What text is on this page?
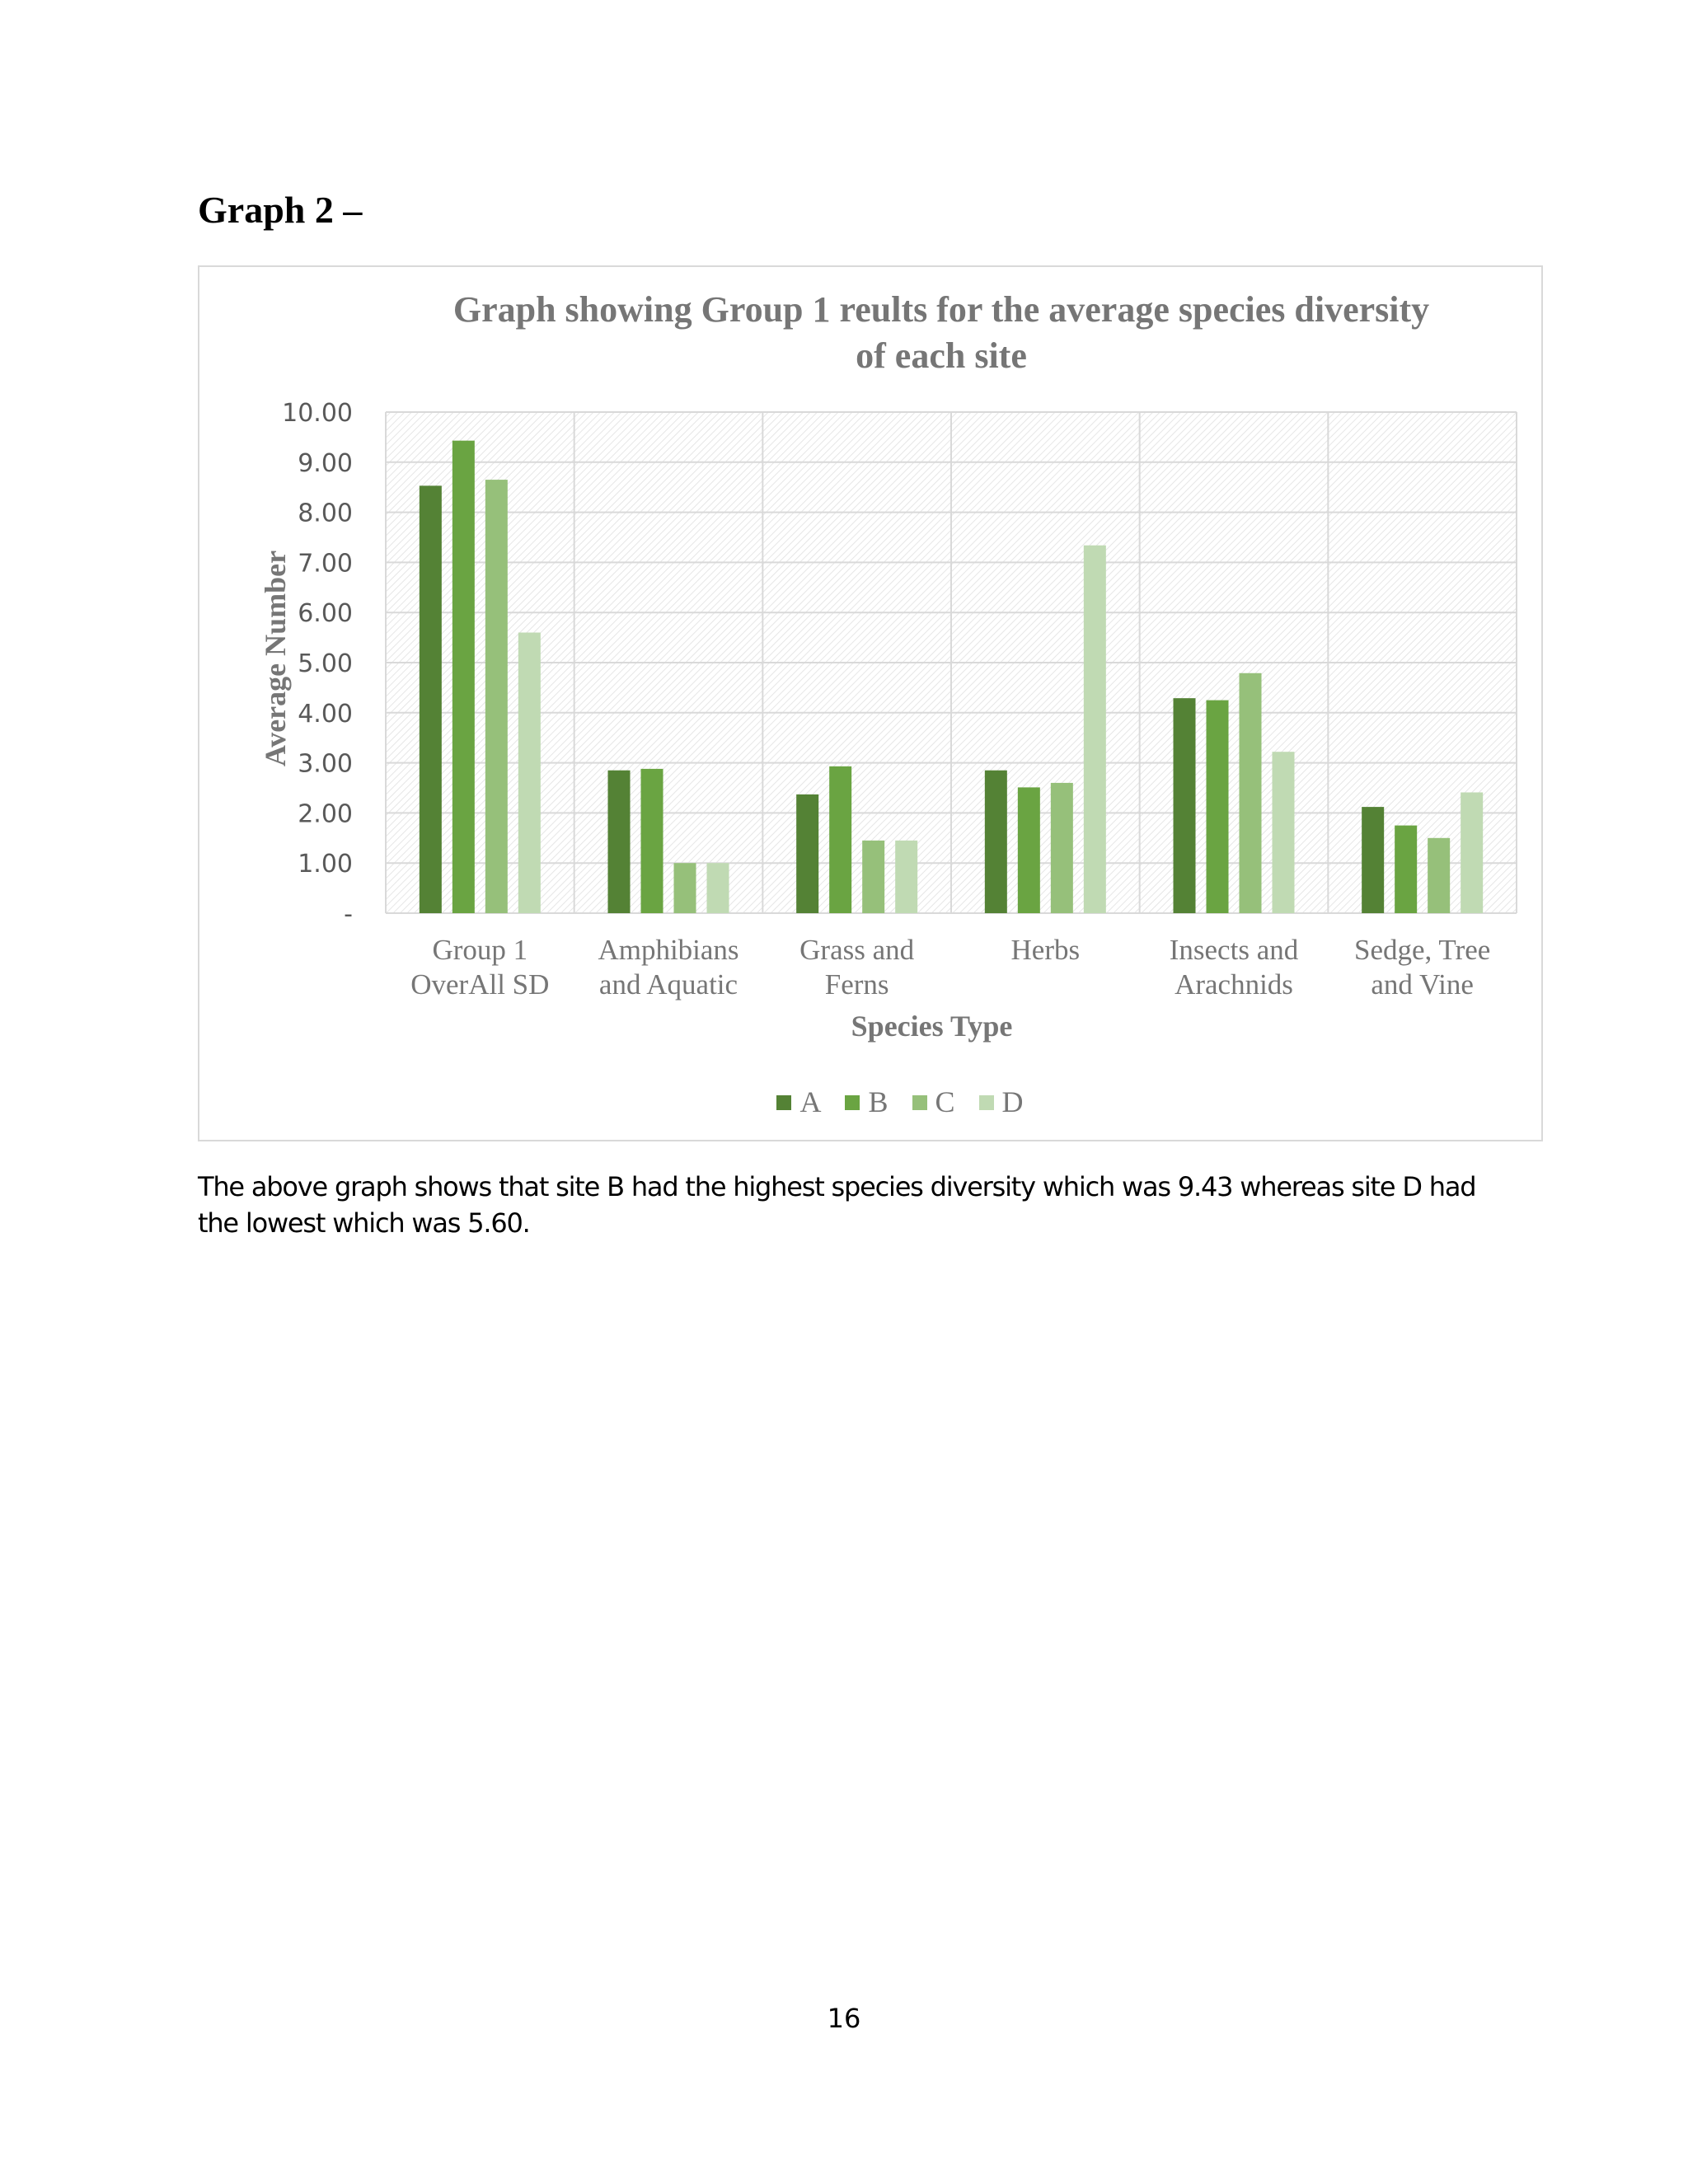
Graph 2 –
-
1.00
2.00
3.00
4.00
5.00
6.00
7.00
8.00
9.00
10.00
Group 1
OverAll SD
Amphibians
and Aquatic
Grass and
Ferns
Herbs	Insects and
Arachnids
Sedge, Tree
and Vine
Graph showing Group 1 reults for the average species diversity
of each site
Average Number
Species Type
A B C D
The above graph shows that site B had the highest species diversity which was 9.43 whereas site D had
the lowest which was 5.60.
16
